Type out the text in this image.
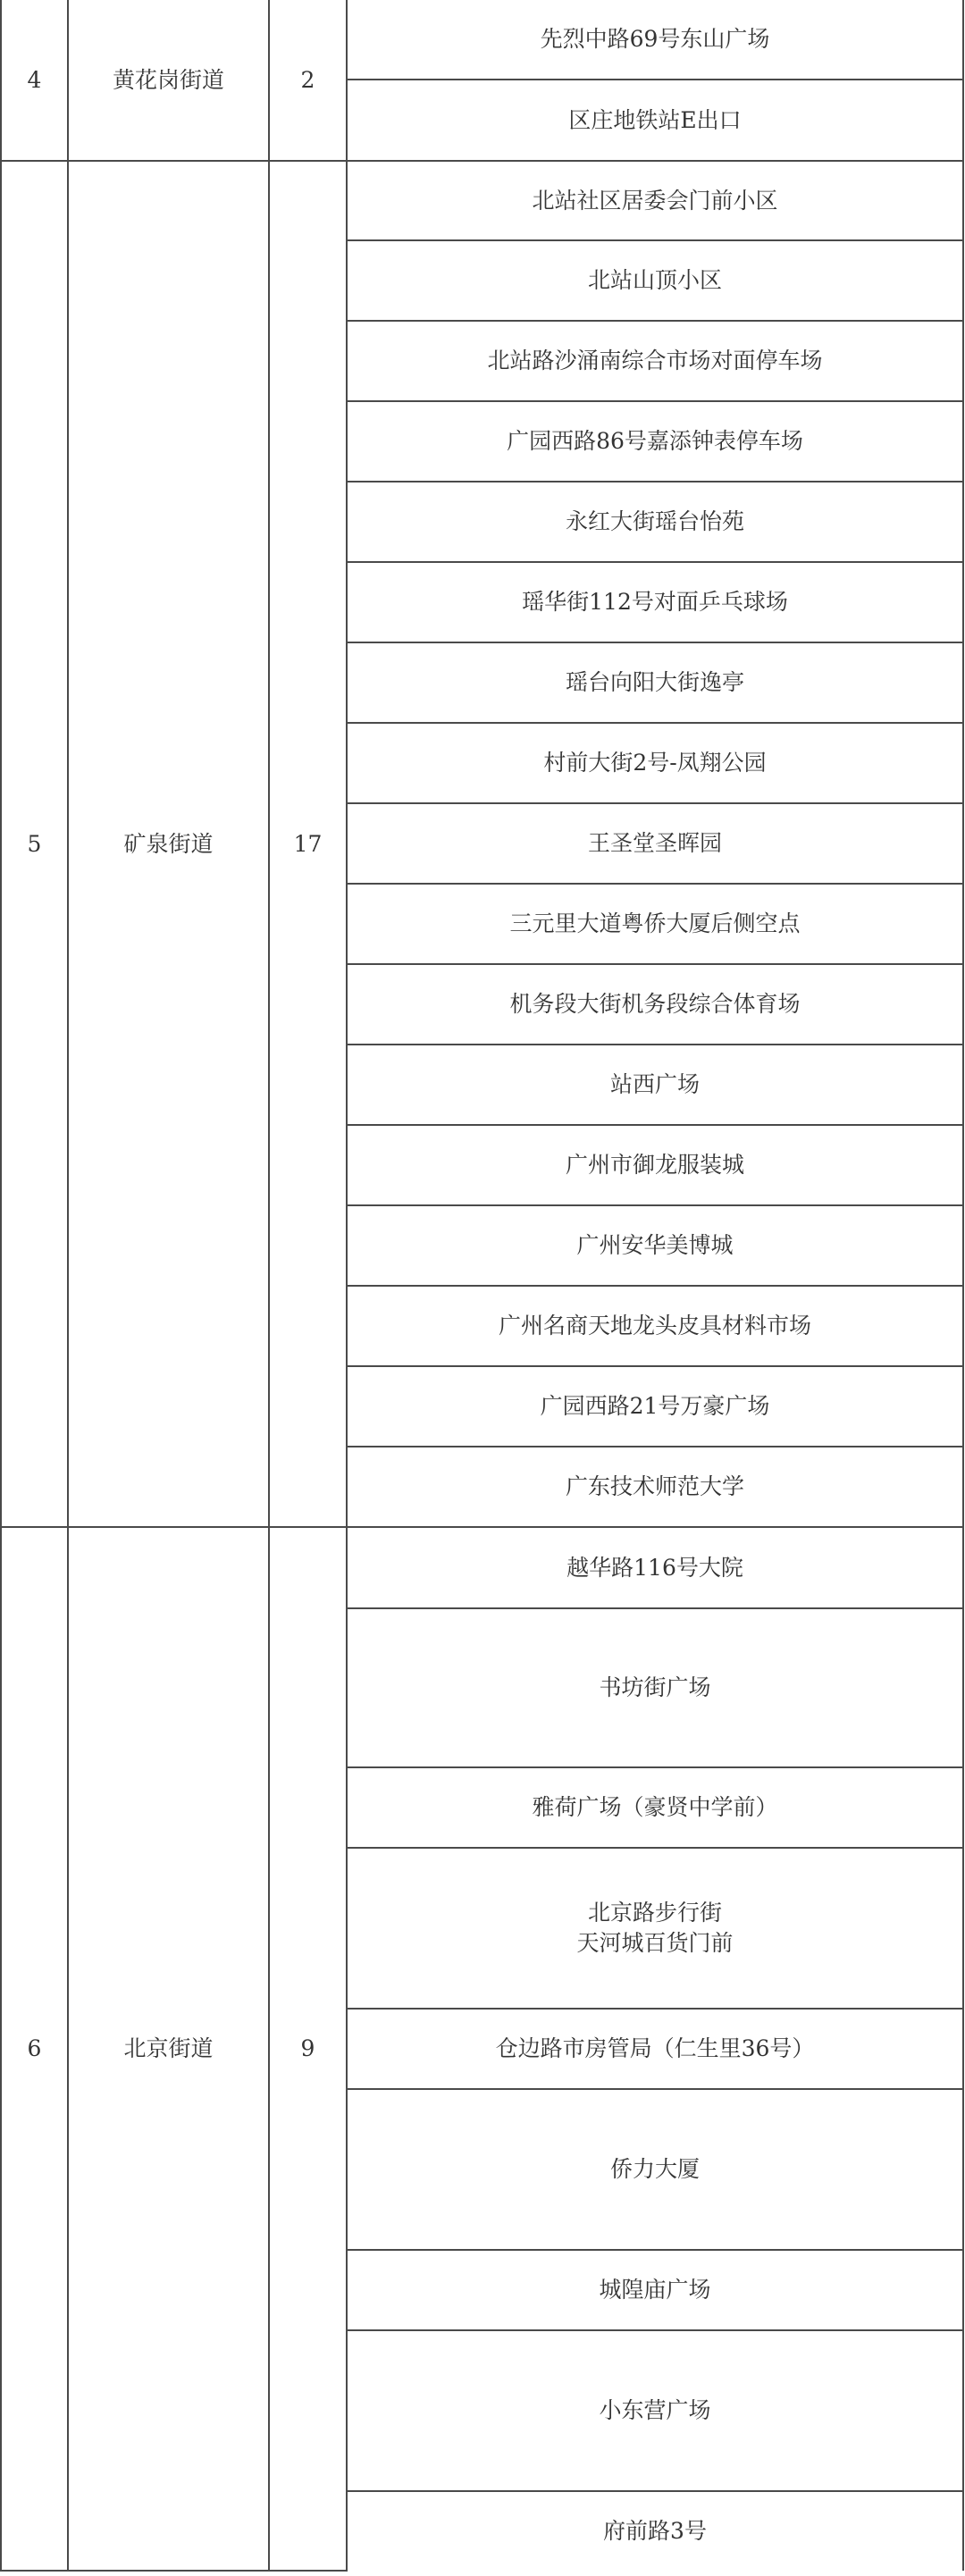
4	黄花岗街道	2	先烈中路69号东山广场

			区庄地铁站E出口

5	矿泉街道	17	北站社区居委会门前小区

			北站山顶小区

			北站路沙涌南综合市场对面停车场

			广园西路86号嘉添钟表停车场

			永红大街瑶台怡苑

			瑶华街112号对面乒乓球场

			瑶台向阳大街逸亭

			村前大街2号-凤翔公园

			王圣堂圣晖园

			三元里大道粤侨大厦后侧空点

			机务段大街机务段综合体育场

			站西广场

			广州市御龙服装城

			广州安华美博城

			广州名商天地龙头皮具材料市场

			广园西路21号万豪广场

			广东技术师范大学

6	北京街道	9	越华路116号大院

			书坊街广场

			雅荷广场（豪贤中学前）

			北京路步行街
天河城百货门前

			仓边路市房管局（仁生里36号）

			侨力大厦

			城隍庙广场

			小东营广场

			府前路3号
